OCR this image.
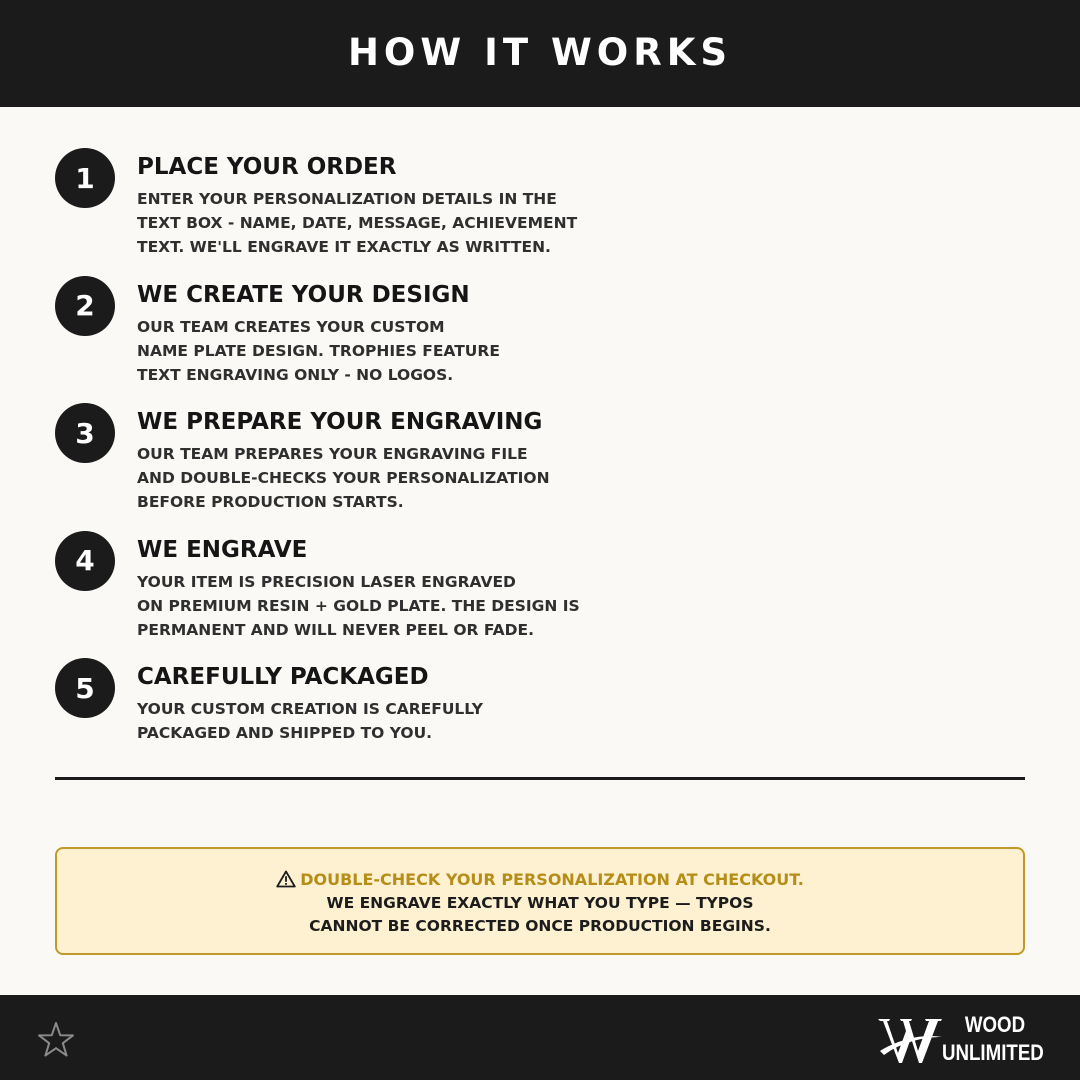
HOW IT WORKS
1	PLACE YOUR ORDER
ENTER YOUR PERSONALIZATION DETAILS IN THE
TEXT BOX - NAME, DATE, MESSAGE, ACHIEVEMENT
TEXT. WE'LL ENGRAVE IT EXACTLY AS WRITTEN.
2	WE CREATE YOUR DESIGN
OUR TEAM CREATES YOUR CUSTOM
NAME PLATE DESIGN. TROPHIES FEATURE
TEXT ENGRAVING ONLY - NO LOGOS.
3	WE PREPARE YOUR ENGRAVING
OUR TEAM PREPARES YOUR ENGRAVING FILE
AND DOUBLE-CHECKS YOUR PERSONALIZATION
BEFORE PRODUCTION STARTS.
4	WE ENGRAVE
YOUR ITEM IS PRECISION LASER ENGRAVED
ON PREMIUM RESIN + GOLD PLATE. THE DESIGN IS
PERMANENT AND WILL NEVER PEEL OR FADE.
5	CAREFULLY PACKAGED
YOUR CUSTOM CREATION IS CAREFULLY
PACKAGED AND SHIPPED TO YOU.
DOUBLE-CHECK YOUR PERSONALIZATION AT CHECKOUT.
WE ENGRAVE EXACTLY WHAT YOU TYPE — TYPOS
CANNOT BE CORRECTED ONCE PRODUCTION BEGINS.
WOOD
UNLIMITED
